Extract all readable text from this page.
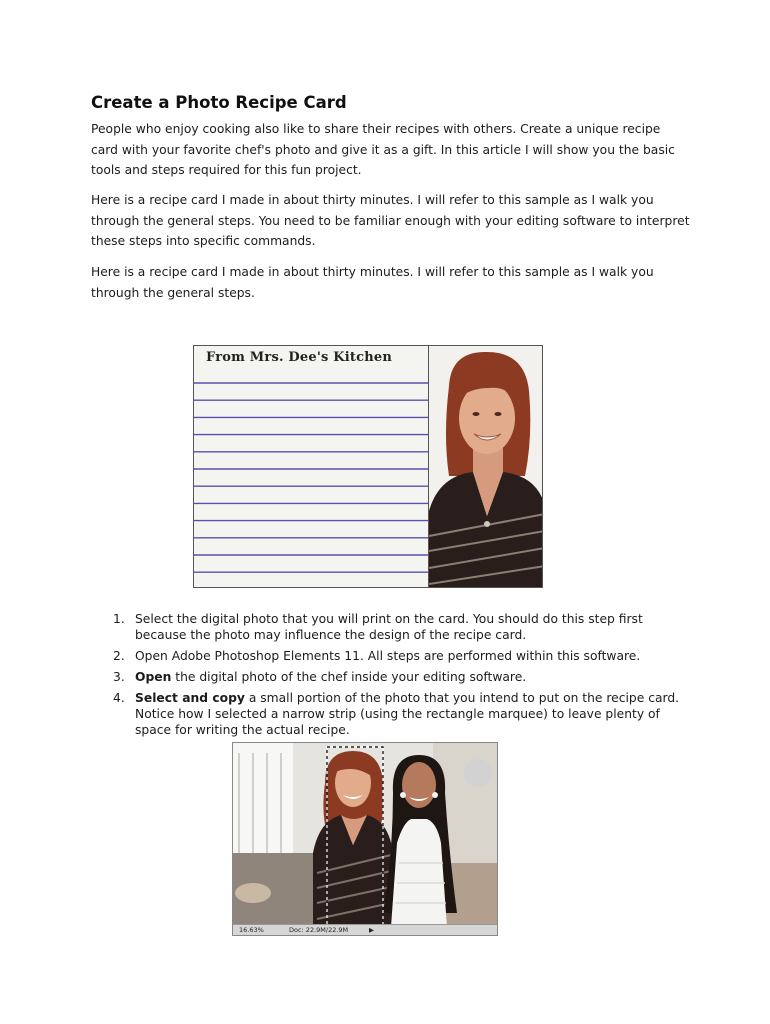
Create a Photo Recipe Card

People who enjoy cooking also like to share their recipes with others. Create a unique recipe card with your favorite chef's photo and give it as a gift. In this article I will show you the basic tools and steps required for this fun project.

Here is a recipe card I made in about thirty minutes. I will refer to this sample as I walk you through the general steps. You need to be familiar enough with your editing software to interpret these steps into specific commands.

Here is a recipe card I made in about thirty minutes. I will refer to this sample as I walk you through the general steps.

From Mrs. Dee's Kitchen
1. Select the digital photo that you will print on the card. You should do this step first because the photo may influence the design of the recipe card.
2. Open Adobe Photoshop Elements 11. All steps are performed within this software.
3. Open the digital photo of the chef inside your editing software.
4. Select and copy a small portion of the photo that you intend to put on the recipe card. Notice how I selected a narrow strip (using the rectangle marquee) to leave plenty of space for writing the actual recipe.
16.63%	Doc: 22.9M/22.9M	▶
